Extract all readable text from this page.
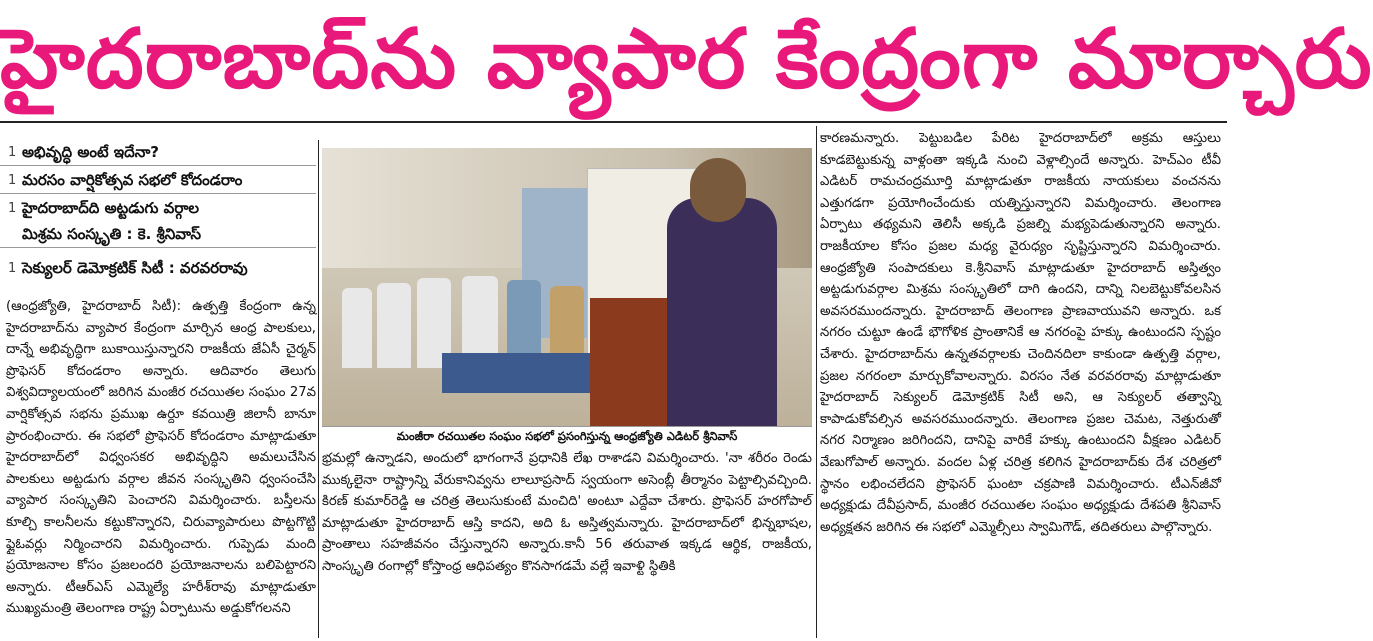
హైదరాబాద్‌ను వ్యాపార కేంద్రంగా మార్చారు
1 అభివృద్ధి అంటే ఇదేనా?
1 మరసం వార్షికోత్సవ సభలో కోదండరాం
1 హైదరాబాద్‌ది అట్టడుగు వర్గాల
మిశ్రమ సంస్కృతి : కె. శ్రీనివాస్
1 సెక్యులర్ డెమోక్రటిక్ సిటీ : వరవరరావు

(ఆంధ్రజ్యోతి, హైదరాబాద్ సిటీ): ఉత్పత్తి కేంద్రంగా ఉన్న హైదరాబాద్‌ను వ్యాపార కేంద్రంగా మార్చిన ఆంధ్ర పాలకులు, దాన్నే అభివృద్ధిగా బుకాయిస్తున్నారని రాజకీయ జేఏసీ చైర్మన్ ప్రొఫెసర్ కోదండరాం అన్నారు. ఆదివారం తెలుగు విశ్వవిద్యాలయంలో జరిగిన మంజీర రచయితల సంఘం 27వ వార్షికోత్సవ సభను ప్రముఖ ఉర్దూ కవయిత్రి జిలానీ బానూ ప్రారంభించారు. ఈ సభలో ప్రొఫెసర్ కోదండరాం మాట్లాడుతూ హైదరాబాద్‌లో విధ్వంసకర అభివృద్ధిని అమలుచేసిన పాలకులు అట్టడుగు వర్గాల జీవన సంస్కృతిని ధ్వంసంచేసి వ్యాపార సంస్కృతిని పెంచారని విమర్శించారు. బస్తీలను కూల్చి కాలనీలను కట్టుకొన్నారని, చిరువ్యాపారులు పొట్టగొట్టి ఫ్లైఓవర్లు నిర్మించారని విమర్శించారు. గుప్పెడు మంది ప్రయోజనాల కోసం ప్రజలందరి ప్రయోజనాలను బలిపెట్టారని అన్నారు. టీఆర్‌ఎస్ ఎమ్మెల్యే హరీశ్‌రావు మాట్లాడుతూ ముఖ్యమంత్రి తెలంగాణ రాష్ట్ర ఏర్పాటును అడ్డుకోగలనని

మంజీరా రచయితల సంఘం సభలో ప్రసంగిస్తున్న ఆంధ్రజ్యోతి ఎడిటర్ శ్రీనివాస్

భ్రమల్లో ఉన్నాడని, అందులో భాగంగానే ప్రధానికి లేఖ రాశాడని విమర్శించారు. 'నా శరీరం రెండు ముక్కలైనా రాష్ట్రాన్ని వేరుకానివ్వను లాలూప్రసాద్ స్వయంగా అసెంబ్లీ తీర్మానం పెట్టాల్సివచ్చింది. కిరణ్ కుమార్‌రెడ్డి ఆ చరిత్ర తెలుసుకుంటే మంచిది' అంటూ ఎద్దేవా చేశారు. ప్రొఫెసర్ హరగోపాల్ మాట్లాడుతూ హైదరాబాద్ ఆస్తి కాదని, అది ఓ అస్తిత్వమన్నారు. హైదరాబాద్‌లో భిన్నభాషల, ప్రాంతాలు సహజీవనం చేస్తున్నారని అన్నారు.కానీ 56 తరువాత ఇక్కడ ఆర్థిక, రాజకీయ, సాంస్కృతి రంగాల్లో కోస్తాంధ్ర ఆధిపత్యం కొనసాగడమే వల్లే ఇవాళ్టి స్థితికి

కారణమన్నారు. పెట్టుబడిల పేరిట హైదరాబాద్‌లో అక్రమ ఆస్తులు కూడబెట్టుకున్న వాళ్లంతా ఇక్కడి నుంచి వెళ్లాల్సిందే అన్నారు. హెచ్‌ఎం టీవీ ఎడిటర్ రామచంద్రమూర్తి మాట్లాడుతూ రాజకీయ నాయకులు వంచనను ఎత్తుగడగా ప్రయోగించేందుకు యత్నిస్తున్నారని విమర్శించారు. తెలంగాణ ఏర్పాటు తథ్యమని తెలిసీ అక్కడి ప్రజల్ని మభ్యపెడుతున్నారని అన్నారు. రాజకీయాల కోసం ప్రజల మధ్య వైరుధ్యం సృష్టిస్తున్నారని విమర్శించారు. ఆంధ్రజ్యోతి సంపాదకులు కె.శ్రీనివాస్ మాట్లాడుతూ హైదరాబాద్ అస్తిత్వం అట్టడుగువర్గాల మిశ్రమ సంస్కృతిలో దాగి ఉందని, దాన్ని నిలబెట్టుకోవలసిన అవసరముందన్నారు. హైదరాబాద్ తెలంగాణ ప్రాణవాయువని అన్నారు. ఒక నగరం చుట్టూ ఉండే భౌగోళిక ప్రాంతానికే ఆ నగరంపై హక్కు ఉంటుందని స్పష్టం చేశారు. హైదరాబాద్‌ను ఉన్నతవర్గాలకు చెందినదిలా కాకుండా ఉత్పత్తి వర్గాల, ప్రజల నగరంలా మార్చుకోవాలన్నారు. విరసం నేత వరవరరావు మాట్లాడుతూ హైదరాబాద్ సెక్యులర్ డెమోక్రటిక్ సిటీ అని, ఆ సెక్యులర్ తత్వాన్ని కాపాడుకోవల్సిన అవసరముందన్నారు. తెలంగాణ ప్రజల చెమట, నెత్తురుతో నగర నిర్మాణం జరిగిందని, దానిపై వారికే హక్కు ఉంటుందని వీక్షణం ఎడిటర్ వేణుగోపాల్ అన్నారు. వందల ఏళ్ల చరిత్ర కలిగిన హైదరాబాద్‌కు దేశ చరిత్రలో స్థానం లభించలేదని ప్రొఫెసర్ ఘంటా చక్రపాణి విమర్శించారు. టీఎన్‌జీవో అధ్యక్షుడు దేవీప్రసాద్, మంజీర రచయితల సంఘం అధ్యక్షుడు దేశపతి శ్రీనివాస్ అధ్యక్షతన జరిగిన ఈ సభలో ఎమ్మెల్సీలు స్వామిగౌడ్, తదితరులు పాల్గొన్నారు.
